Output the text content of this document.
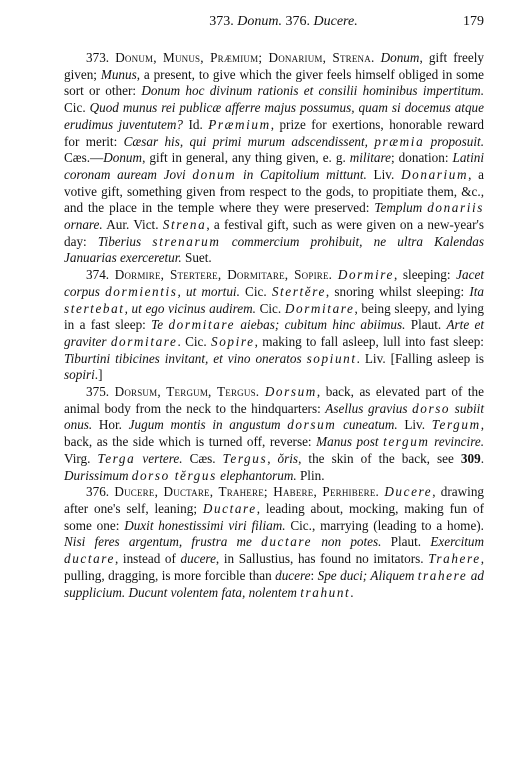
373. Donum. 376. Ducere.	179

373. Donum, Munus, Præmium; Donarium, Strena. Donum, gift freely given; Munus, a present, to give which the giver feels himself obliged in some sort or other: Donum hoc divinum rationis et consilii hominibus impertitum. Cic. Quod munus rei publicæ afferre majus possumus, quam si docemus atque erudimus juventutem? Id. Præmium, prize for exertions, honorable reward for merit: Cæsar his, qui primi murum adscendissent, præmia proposuit. Cæs.—Donum, gift in general, any thing given, e. g. militare; donation: Latini coronam auream Jovi donum in Capitolium mittunt. Liv. Donarium, a votive gift, something given from respect to the gods, to propitiate them, &c., and the place in the temple where they were preserved: Templum donariis ornare. Aur. Vict. Strena, a festival gift, such as were given on a new-year's day: Tiberius strenarum commercium prohibuit, ne ultra Kalendas Januarias exerceretur. Suet.

374. Dormire, Stertere, Dormitare, Sopire. Dormire, sleeping: Jacet corpus dormientis, ut mortui. Cic. Stertĕre, snoring whilst sleeping: Ita stertebat, ut ego vicinus audirem. Cic. Dormitare, being sleepy, and lying in a fast sleep: Te dormitare aiebas; cubitum hinc abiimus. Plaut. Arte et graviter dormitare. Cic. Sopire, making to fall asleep, lull into fast sleep: Tiburtini tibicines invitant, et vino oneratos sopiunt. Liv. [Falling asleep is sopiri.]

375. Dorsum, Tergum, Tergus. Dorsum, back, as elevated part of the animal body from the neck to the hindquarters: Asellus gravius dorso subiit onus. Hor. Jugum montis in angustum dorsum cuneatum. Liv. Tergum, back, as the side which is turned off, reverse: Manus post tergum revincire. Virg. Terga vertere. Cæs. Tergus, ŏris, the skin of the back, see 309. Durissimum dorso tĕrgus elephantorum. Plin.

376. Ducere, Ductare, Trahere; Habere, Perhibere. Ducere, drawing after one's self, leaning; Ductare, leading about, mocking, making fun of some one: Duxit honestissimi viri filiam. Cic., marrying (leading to a home). Nisi feres argentum, frustra me ductare non potes. Plaut. Exercitum ductare, instead of ducere, in Sallustius, has found no imitators. Trahere, pulling, dragging, is more forcible than ducere: Spe duci; Aliquem trahere ad supplicium. Ducunt volentem fata, nolentem trahunt.
